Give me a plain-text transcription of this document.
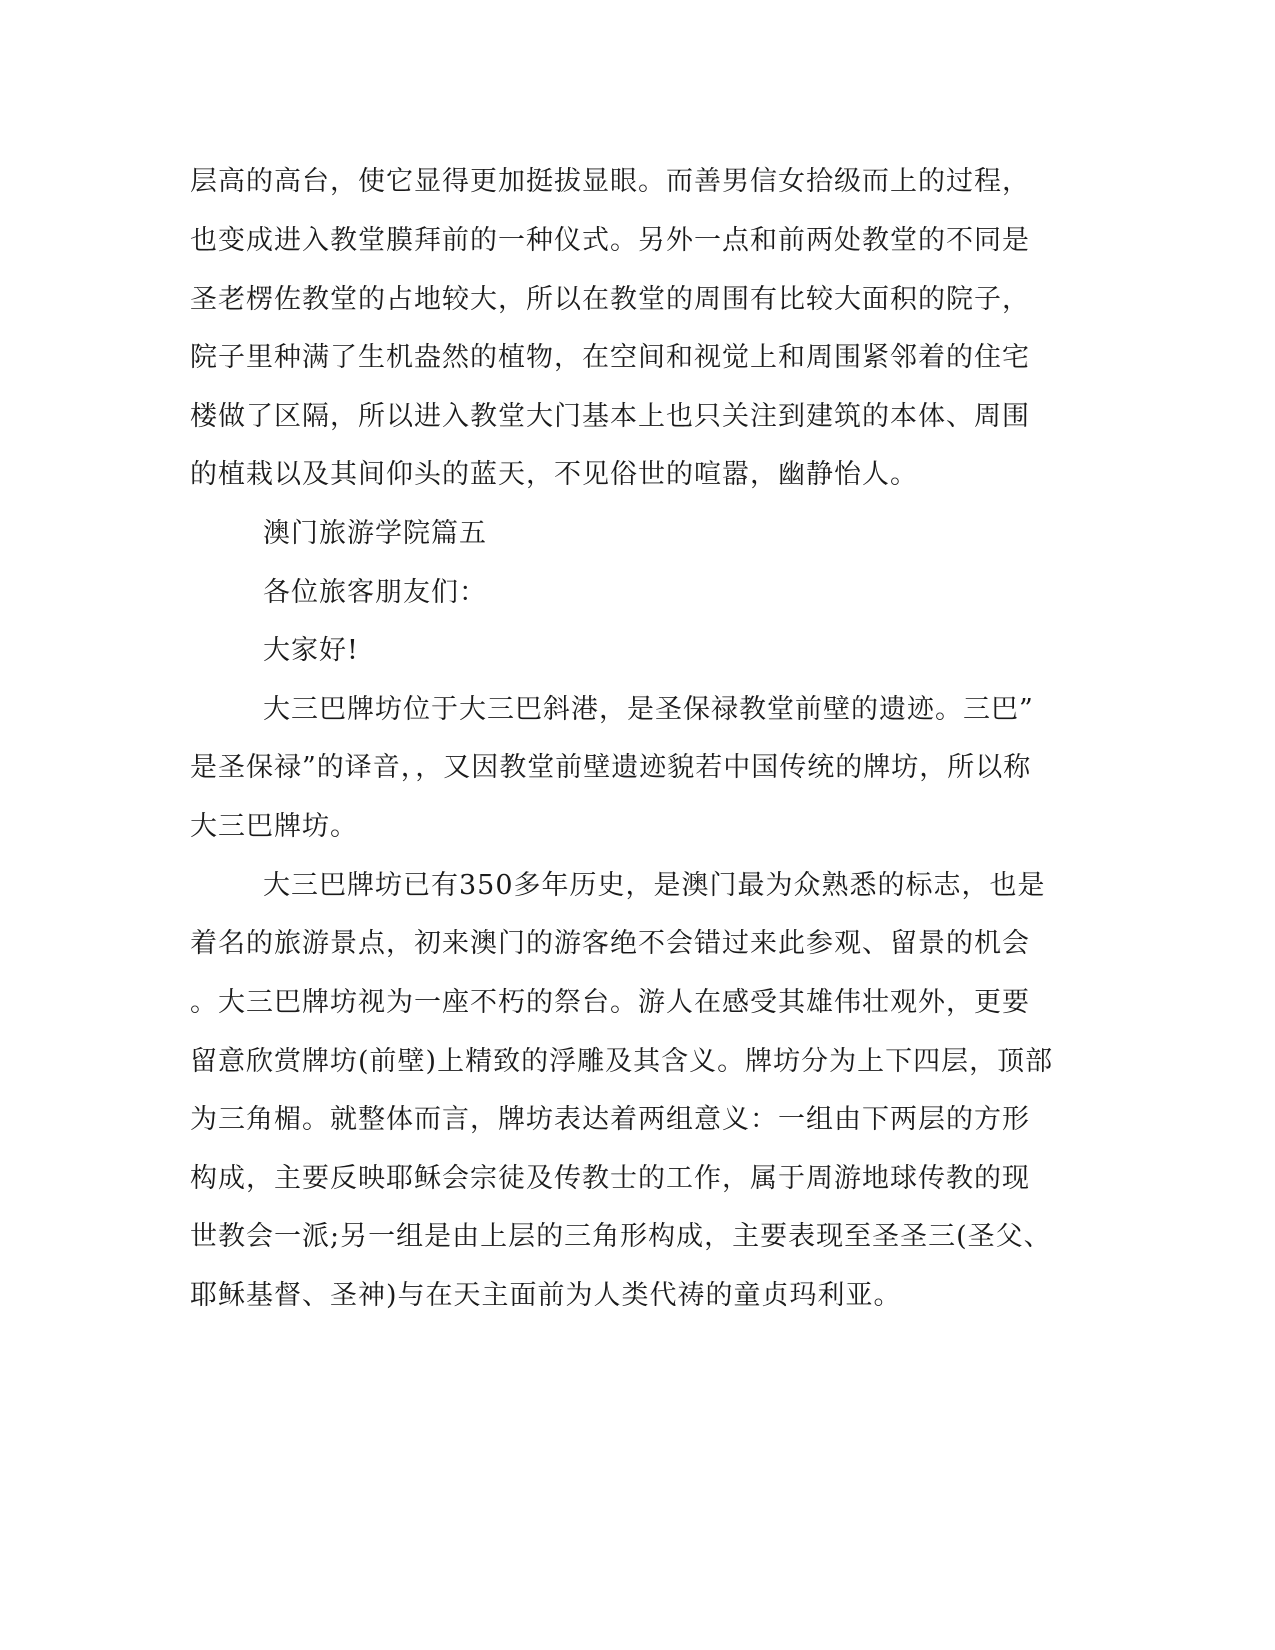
层高的高台，使它显得更加挺拔显眼。而善男信女拾级而上的过程，
也变成进入教堂膜拜前的一种仪式。另外一点和前两处教堂的不同是
圣老楞佐教堂的占地较大，所以在教堂的周围有比较大面积的院子，
院子里种满了生机盎然的植物，在空间和视觉上和周围紧邻着的住宅
楼做了区隔，所以进入教堂大门基本上也只关注到建筑的本体、周围
的植栽以及其间仰头的蓝天，不见俗世的喧嚣，幽静怡人。
澳门旅游学院篇五
各位旅客朋友们：
大家好!
大三巴牌坊位于大三巴斜港，是圣保禄教堂前壁的遗迹。三巴”
是圣保禄”的译音，，又因教堂前壁遗迹貌若中国传统的牌坊，所以称
大三巴牌坊。
大三巴牌坊已有350多年历史，是澳门最为众熟悉的标志，也是
着名的旅游景点，初来澳门的游客绝不会错过来此参观、留景的机会
。大三巴牌坊视为一座不朽的祭台。游人在感受其雄伟壮观外，更要
留意欣赏牌坊(前壁)上精致的浮雕及其含义。牌坊分为上下四层，顶部
为三角楣。就整体而言，牌坊表达着两组意义：一组由下两层的方形
构成，主要反映耶稣会宗徒及传教士的工作，属于周游地球传教的现
世教会一派;另一组是由上层的三角形构成，主要表现至圣圣三(圣父、
耶稣基督、圣神)与在天主面前为人类代祷的童贞玛利亚。
